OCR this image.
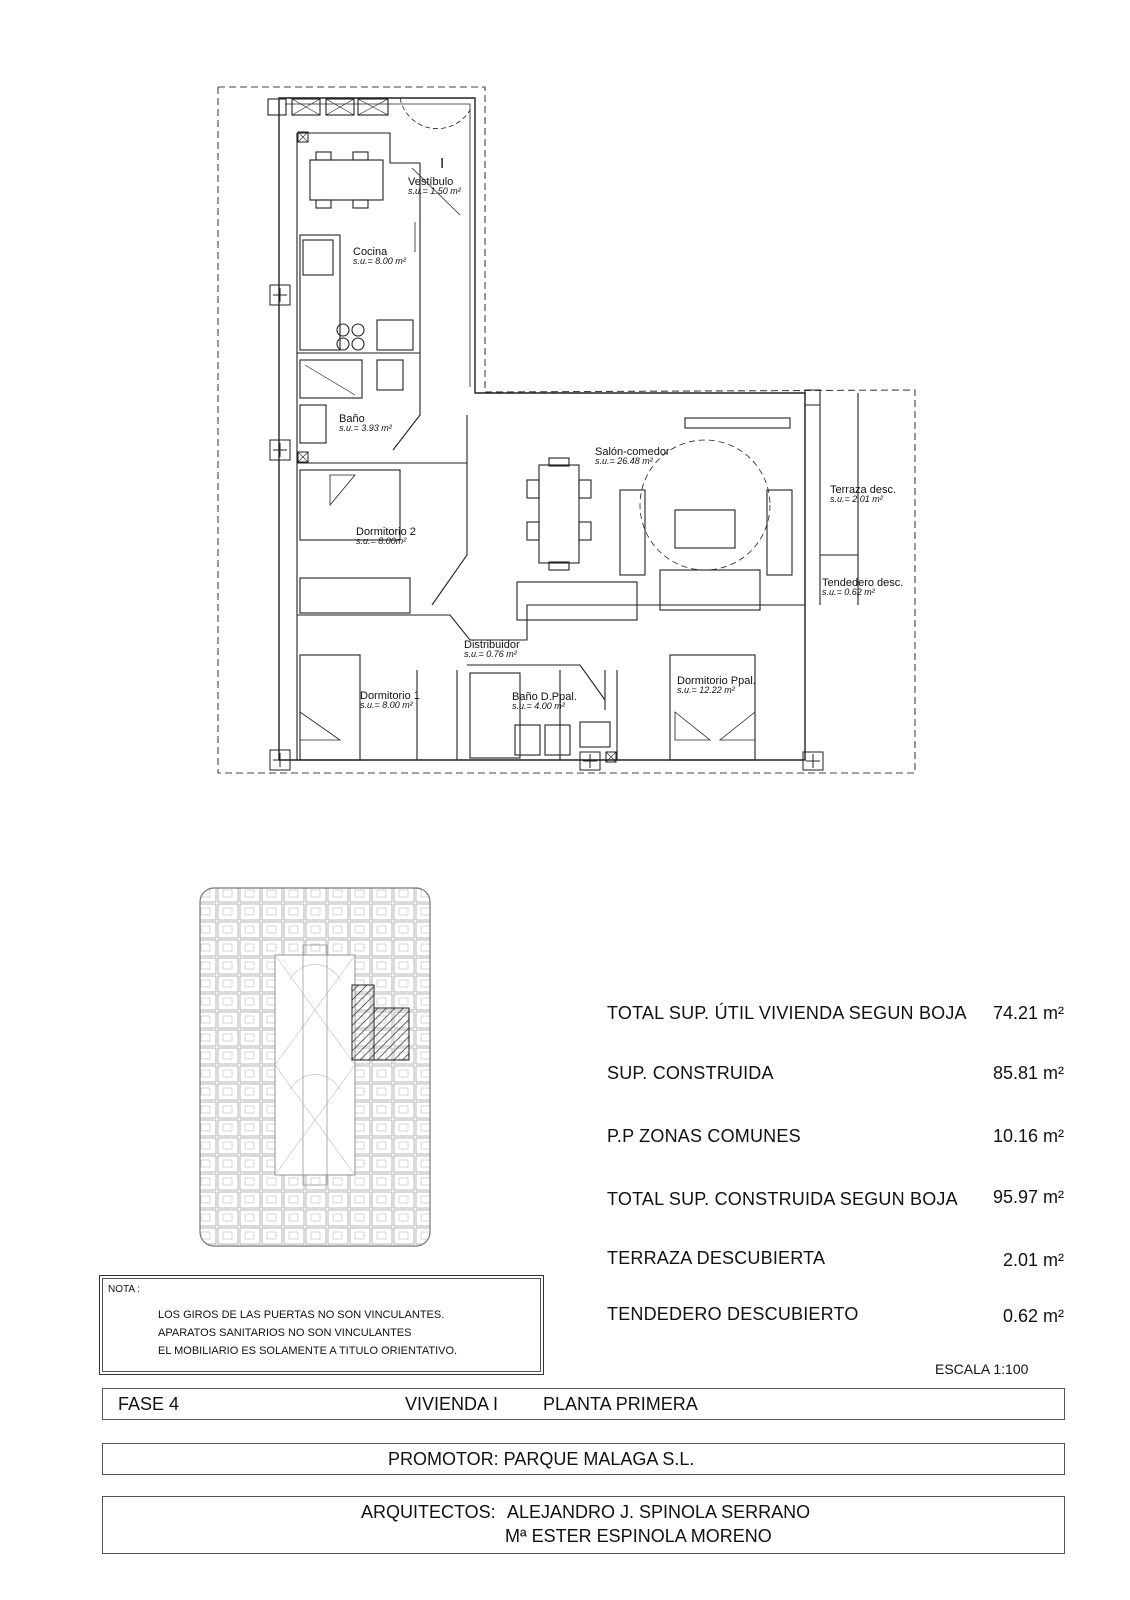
I
Vestíbulo
s.u.= 1.50 m²
Cocina
s.u.= 8.00 m²
Baño
s.u.= 3.93 m²
Salón-comedor
s.u.= 26.48 m²
Terraza desc.
s.u.= 2.01 m²
Tendedero desc.
s.u.= 0.62 m²
Dormitorio 2
s.u.= 8.00m²
Distribuidor
s.u.= 0.76 m²
Dormitorio 1
s.u.= 8.00 m²
Baño D.Ppal.
s.u.= 4.00 m²
Dormitorio Ppal.
s.u.= 12.22 m²
TOTAL SUP. ÚTIL VIVIENDA SEGUN BOJA 74.21 m²
SUP. CONSTRUIDA	85.81 m²
P.P ZONAS COMUNES	10.16 m²
TOTAL SUP. CONSTRUIDA SEGUN BOJA 95.97 m²
TERRAZA DESCUBIERTA	2.01 m²
TENDEDERO DESCUBIERTO	0.62 m²
NOTA :
LOS GIROS DE LAS PUERTAS NO SON VINCULANTES.
APARATOS SANITARIOS NO SON VINCULANTES
EL MOBILIARIO ES SOLAMENTE A TITULO ORIENTATIVO.
ESCALA 1:100
FASE 4	VIVIENDA I PLANTA PRIMERA
PROMOTOR: PARQUE MALAGA S.L.
ARQUITECTOS: ALEJANDRO J. SPINOLA SERRANO
Mª ESTER ESPINOLA MORENO
